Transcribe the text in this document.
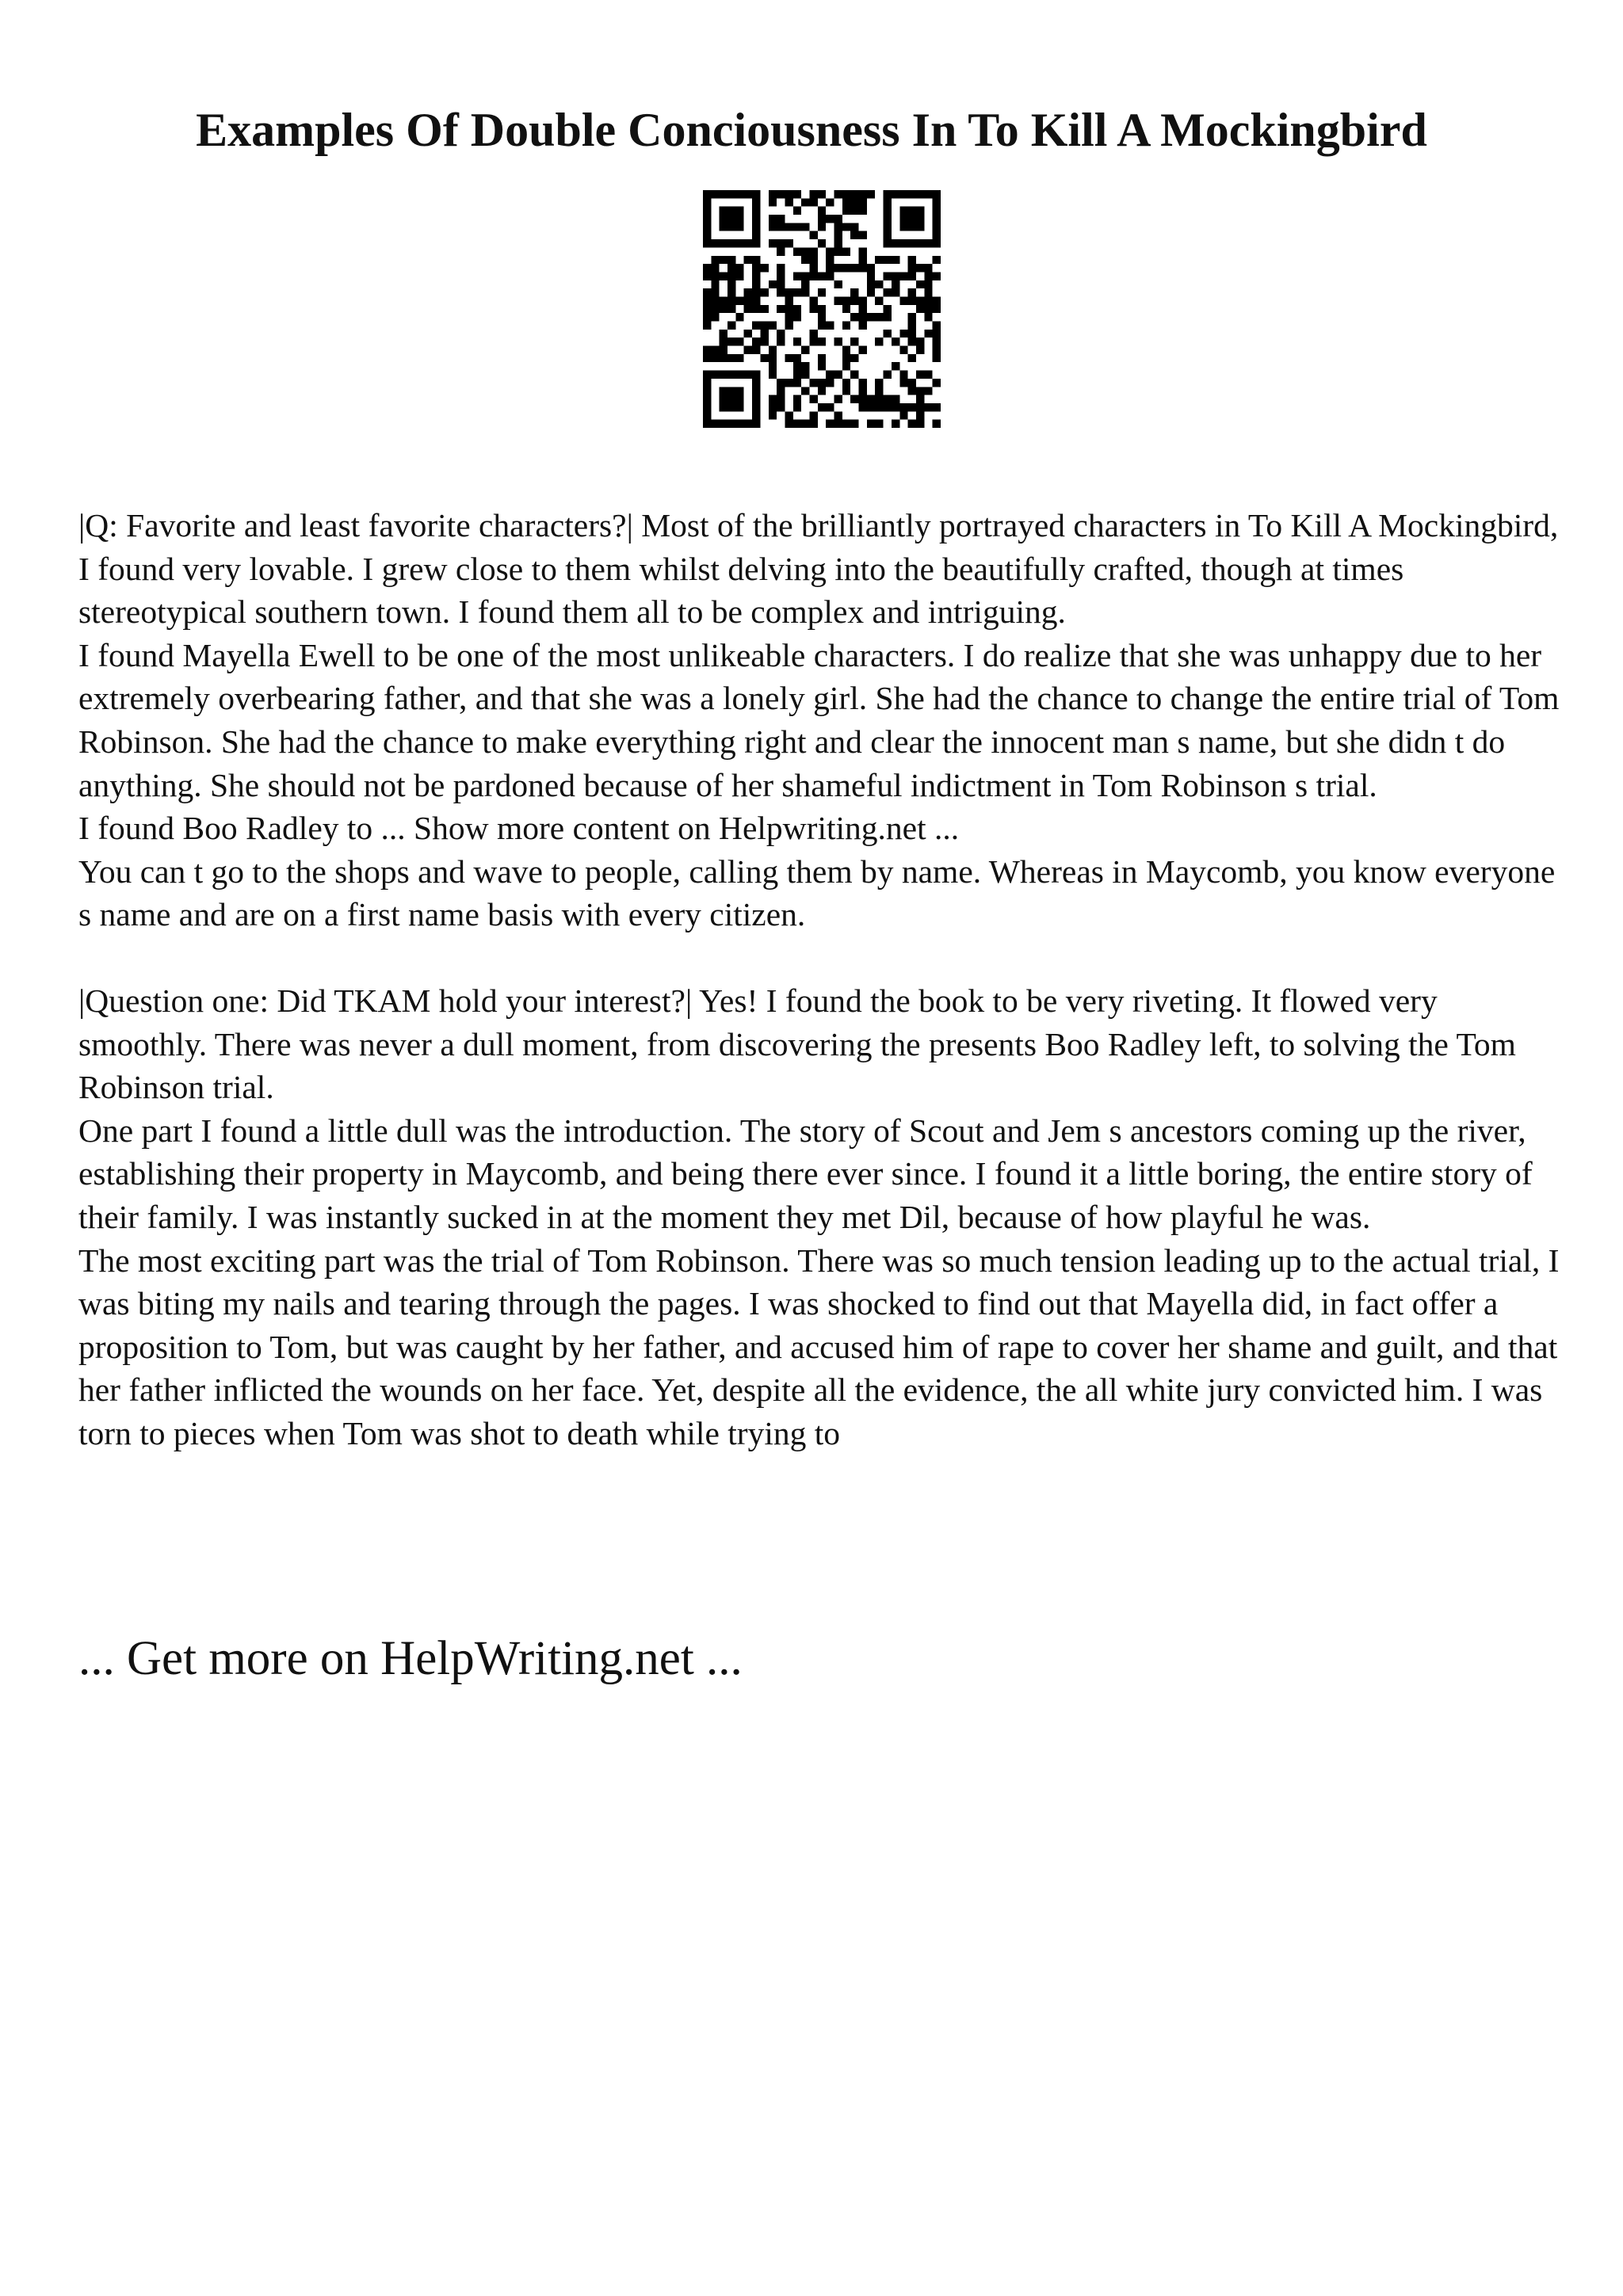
Examples Of Double Conciousness In To Kill A Mockingbird

|Q: Favorite and least favorite characters?| Most of the brilliantly portrayed characters in To Kill A Mockingbird, I found very lovable. I grew close to them whilst delving into the beautifully crafted, though at times stereotypical southern town. I found them all to be complex and intriguing.

I found Mayella Ewell to be one of the most unlikeable characters. I do realize that she was unhappy due to her extremely overbearing father, and that she was a lonely girl. She had the chance to change the entire trial of Tom Robinson. She had the chance to make everything right and clear the innocent man s name, but she didn t do anything. She should not be pardoned because of her shameful indictment in Tom Robinson s trial.

I found Boo Radley to ... Show more content on Helpwriting.net ...

You can t go to the shops and wave to people, calling them by name. Whereas in Maycomb, you know everyone s name and are on a first name basis with every citizen.

|Question one: Did TKAM hold your interest?| Yes! I found the book to be very riveting. It flowed very smoothly. There was never a dull moment, from discovering the presents Boo Radley left, to solving the Tom Robinson trial.

One part I found a little dull was the introduction. The story of Scout and Jem s ancestors coming up the river, establishing their property in Maycomb, and being there ever since. I found it a little boring, the entire story of their family. I was instantly sucked in at the moment they met Dil, because of how playful he was.

The most exciting part was the trial of Tom Robinson. There was so much tension leading up to the actual trial, I was biting my nails and tearing through the pages. I was shocked to find out that Mayella did, in fact offer a proposition to Tom, but was caught by her father, and accused him of rape to cover her shame and guilt, and that her father inflicted the wounds on her face. Yet, despite all the evidence, the all white jury convicted him. I was torn to pieces when Tom was shot to death while trying to

... Get more on HelpWriting.net ...
